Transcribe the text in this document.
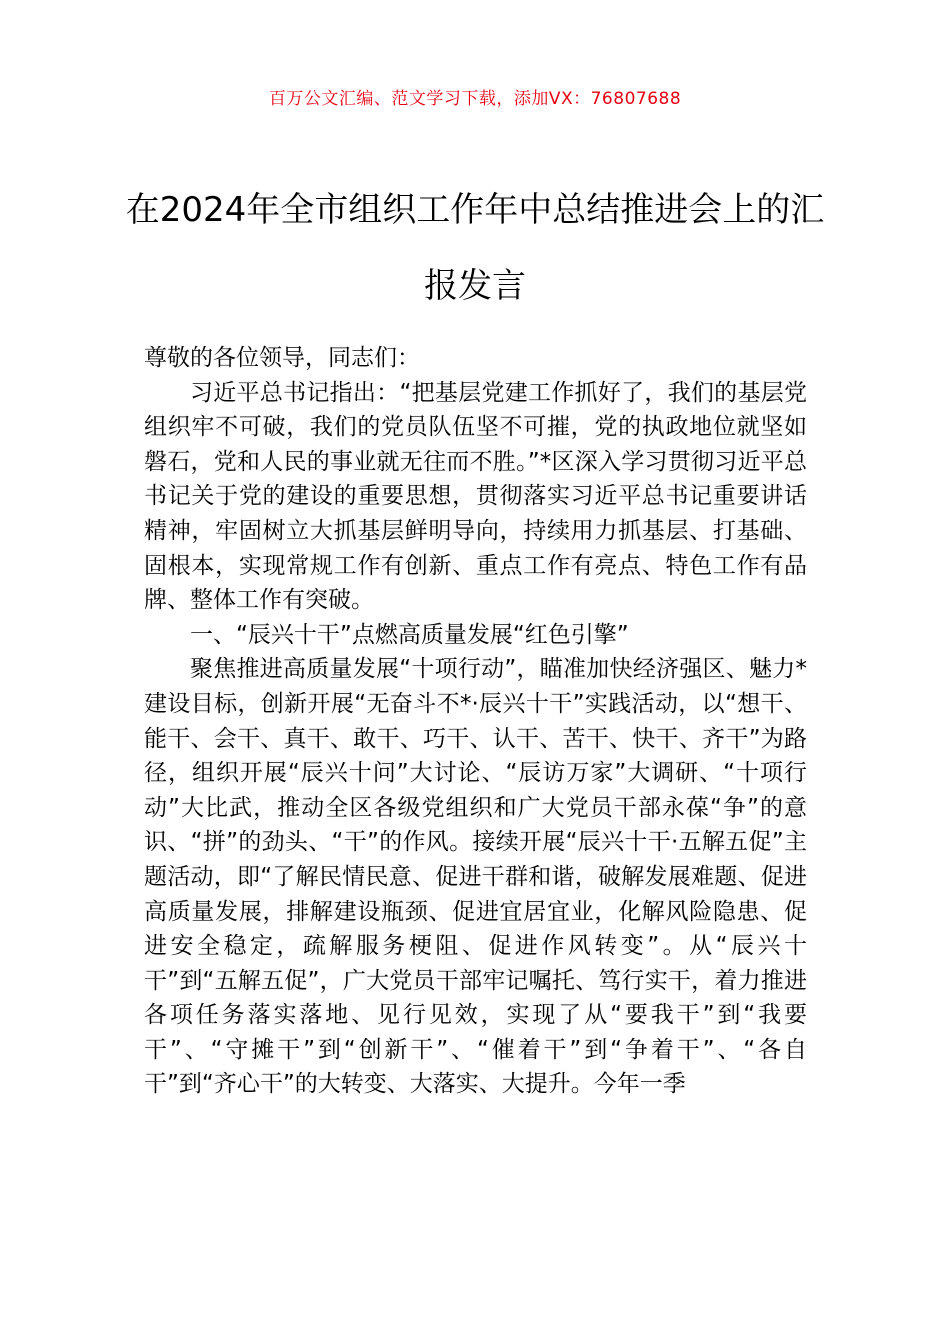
百万公文汇编、范文学习下载，添加VX：76807688
在2024年全市组织工作年中总结推进会上的汇报发言

尊敬的各位领导，同志们：

习近平总书记指出：“把基层党建工作抓好了，我们的基层党组织牢不可破，我们的党员队伍坚不可摧，党的执政地位就坚如磐石，党和人民的事业就无往而不胜。”*区深入学习贯彻习近平总书记关于党的建设的重要思想，贯彻落实习近平总书记重要讲话精神，牢固树立大抓基层鲜明导向，持续用力抓基层、打基础、固根本，实现常规工作有创新、重点工作有亮点、特色工作有品牌、整体工作有突破。

一、“辰兴十干”点燃高质量发展“红色引擎”

聚焦推进高质量发展“十项行动”，瞄准加快经济强区、魅力*建设目标，创新开展“无奋斗不*·辰兴十干”实践活动，以“想干、能干、会干、真干、敢干、巧干、认干、苦干、快干、齐干”为路径，组织开展“辰兴十问”大讨论、“辰访万家”大调研、“十项行动”大比武，推动全区各级党组织和广大党员干部永葆“争”的意识、“拼”的劲头、“干”的作风。接续开展“辰兴十干·五解五促”主题活动，即“了解民情民意、促进干群和谐，破解发展难题、促进高质量发展，排解建设瓶颈、促进宜居宜业，化解风险隐患、促进安全稳定，疏解服务梗阻、促进作风转变”。从“辰兴十干”到“五解五促”，广大党员干部牢记嘱托、笃行实干，着力推进各项任务落实落地、见行见效，实现了从“要我干”到“我要干”、“守摊干”到“创新干”、“催着干”到“争着干”、“各自干”到“齐心干”的大转变、大落实、大提升。今年一季
